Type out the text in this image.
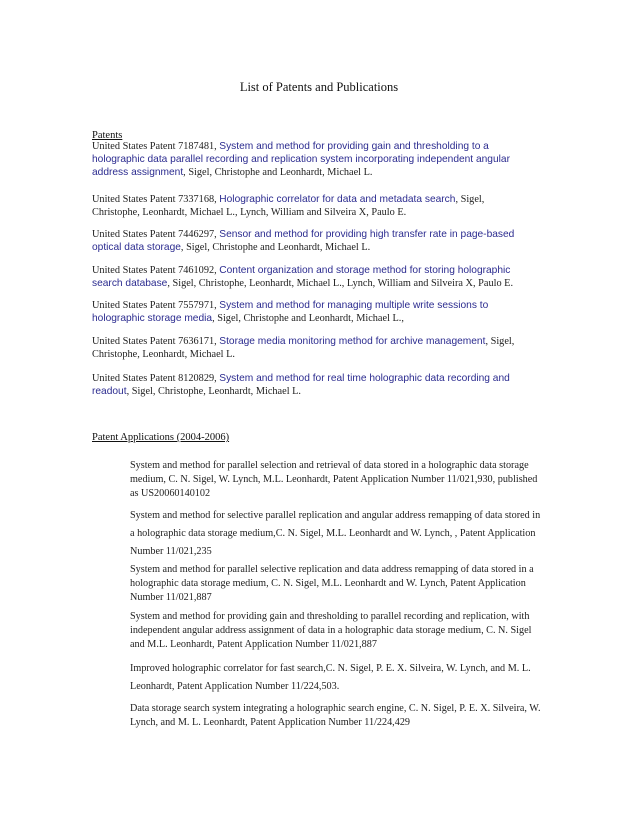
List of Patents and Publications
Patents
United States Patent 7187481, System and method for providing gain and thresholding to a holographic data parallel recording and replication system incorporating independent angular address assignment, Sigel, Christophe and Leonhardt, Michael L.
United States Patent 7337168, Holographic correlator for data and metadata search, Sigel, Christophe, Leonhardt, Michael L., Lynch, William and Silveira X, Paulo E.
United States Patent 7446297, Sensor and method for providing high transfer rate in page-based optical data storage, Sigel, Christophe and Leonhardt, Michael L.
United States Patent 7461092, Content organization and storage method for storing holographic search database, Sigel, Christophe, Leonhardt, Michael L., Lynch, William and Silveira X, Paulo E.
United States Patent 7557971, System and method for managing multiple write sessions to holographic storage media, Sigel, Christophe and Leonhardt, Michael L.,
United States Patent 7636171, Storage media monitoring method for archive management, Sigel, Christophe, Leonhardt, Michael L.
United States Patent 8120829, System and method for real time holographic data recording and readout, Sigel, Christophe, Leonhardt, Michael L.
Patent Applications (2004-2006)
System and method for parallel selection and retrieval of data stored in a holographic data storage medium, C. N. Sigel, W. Lynch, M.L. Leonhardt, Patent Application Number 11/021,930, published as US20060140102
System and method for selective parallel replication and angular address remapping of data stored in a holographic data storage medium,C. N. Sigel, M.L. Leonhardt and W. Lynch, , Patent Application Number 11/021,235
System and method for parallel selective replication and data address remapping of data stored in a holographic data storage medium, C. N. Sigel, M.L. Leonhardt and W. Lynch, Patent Application Number 11/021,887
System and method for providing gain and thresholding to parallel recording and replication, with independent angular address assignment of data in a holographic data storage medium, C. N. Sigel and M.L. Leonhardt, Patent Application Number 11/021,887
Improved holographic correlator for fast search,C. N. Sigel, P. E. X. Silveira, W. Lynch, and M. L. Leonhardt, Patent Application Number 11/224,503.
Data storage search system integrating a holographic search engine, C. N. Sigel, P. E. X. Silveira, W. Lynch, and M. L. Leonhardt, Patent Application Number 11/224,429
